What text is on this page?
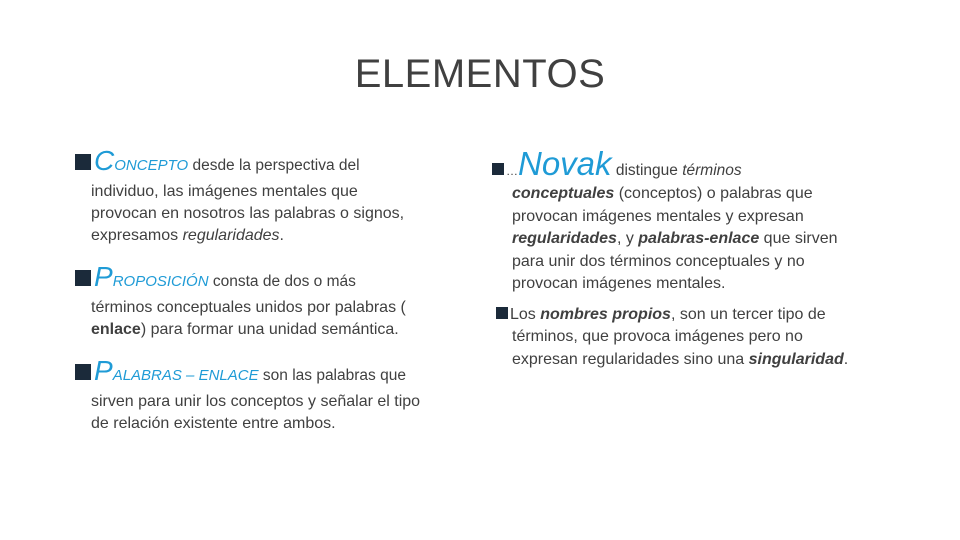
ELEMENTOS
CONCEPTO desde la perspectiva del

individuo, las imágenes mentales que
provocan en nosotros las palabras o signos,
expresamos regularidades.

PROPOSICIÓN consta de dos o más

términos conceptuales unidos por palabras (
enlace) para formar una unidad semántica.

PALABRAS – ENLACE son las palabras que

sirven para unir los conceptos y señalar el tipo
de relación existente entre ambos.

…Novak distingue términos

conceptuales (conceptos) o palabras que
provocan imágenes mentales y expresan
regularidades, y palabras-enlace que sirven
para unir dos términos conceptuales y no
provocan imágenes mentales.

Los nombres propios, son un tercer tipo de

términos, que provoca imágenes pero no
expresan regularidades sino una singularidad.
